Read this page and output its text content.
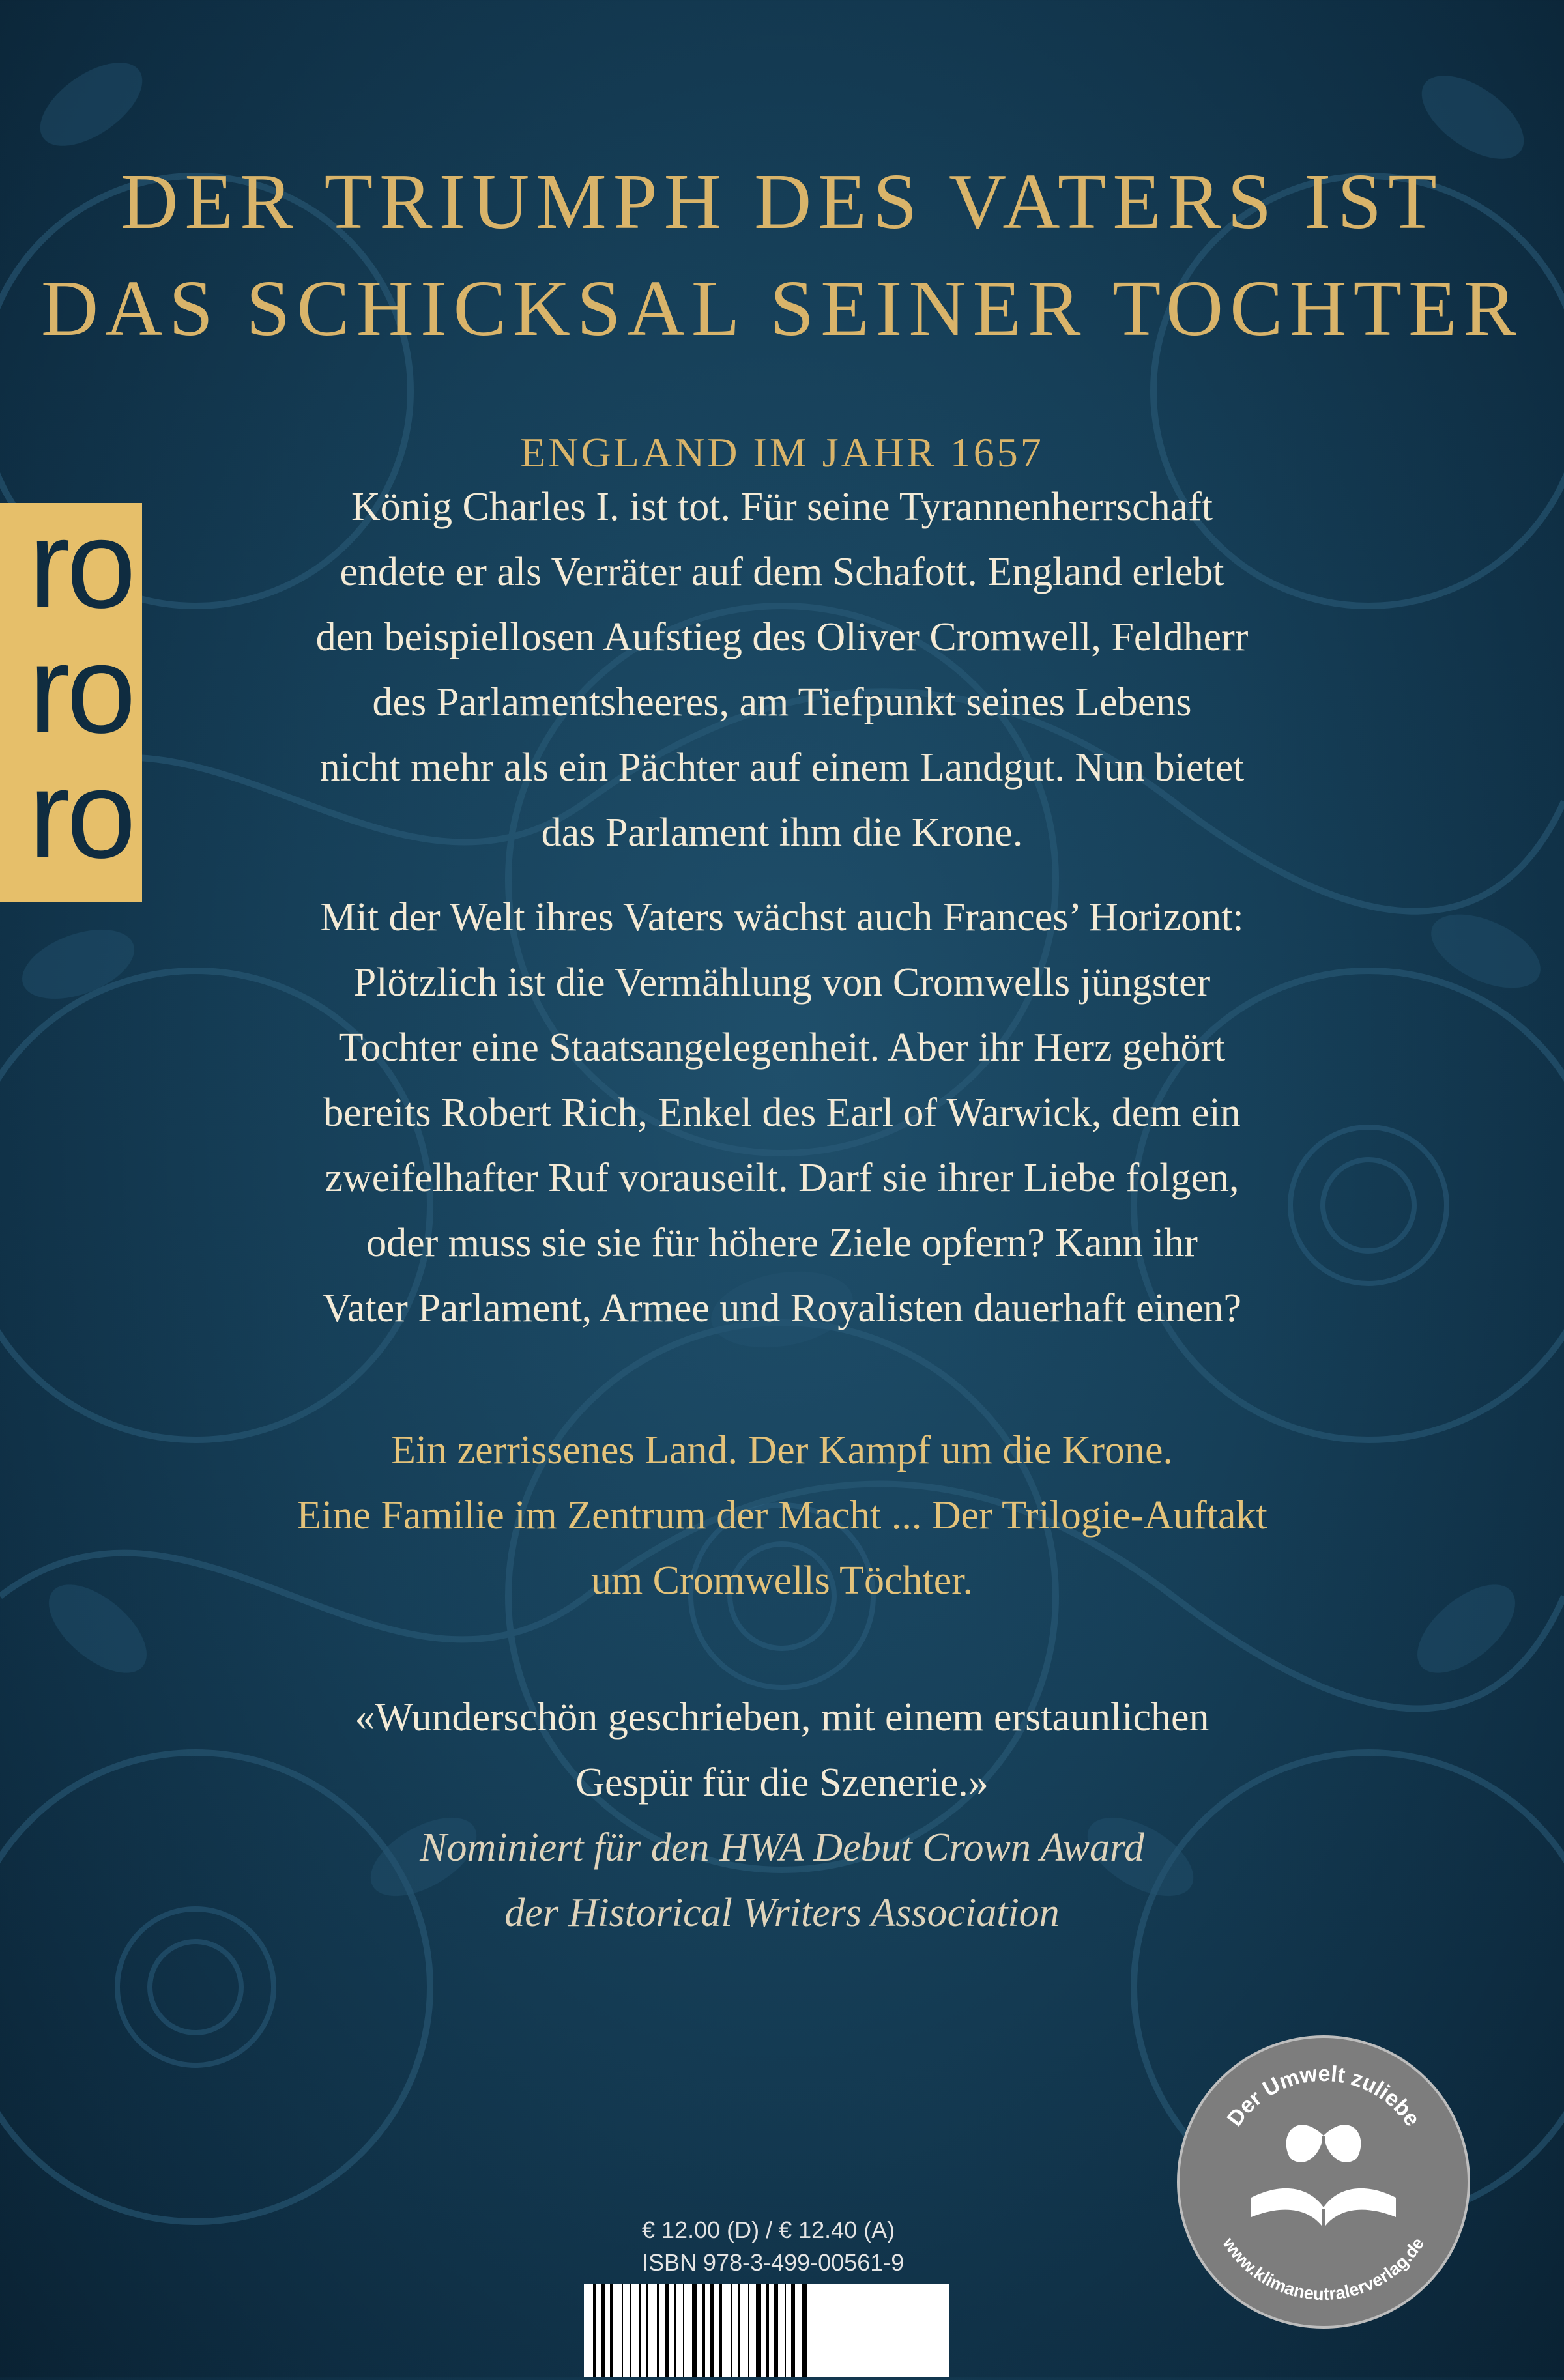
DER TRIUMPH DES VATERS IST
DAS SCHICKSAL SEINER TOCHTER
ro
ro
ro
ENGLAND IM JAHR 1657
König Charles I. ist tot. Für seine Tyrannenherrschaft
endete er als Verräter auf dem Schafott. England erlebt
den beispiellosen Aufstieg des Oliver Cromwell, Feldherr
des Parlamentsheeres, am Tiefpunkt seines Lebens
nicht mehr als ein Pächter auf einem Landgut. Nun bietet
das Parlament ihm die Krone.
Mit der Welt ihres Vaters wächst auch Frances’ Horizont:
Plötzlich ist die Vermählung von Cromwells jüngster
Tochter eine Staatsangelegenheit. Aber ihr Herz gehört
bereits Robert Rich, Enkel des Earl of Warwick, dem ein
zweifelhafter Ruf vorauseilt. Darf sie ihrer Liebe folgen,
oder muss sie sie für höhere Ziele opfern? Kann ihr
Vater Parlament, Armee und Royalisten dauerhaft einen?
Ein zerrissenes Land. Der Kampf um die Krone.
Eine Familie im Zentrum der Macht ... Der Trilogie-Auftakt
um Cromwells Töchter.
«Wunderschön geschrieben, mit einem erstaunlichen
Gespür für die Szenerie.»
Nominiert für den HWA Debut Crown Award
der Historical Writers Association
Der Umwelt zuliebe
www.klimaneutralerverlag.de
€ 12.00 (D) / € 12.40 (A)
ISBN 978-3-499-00561-9
